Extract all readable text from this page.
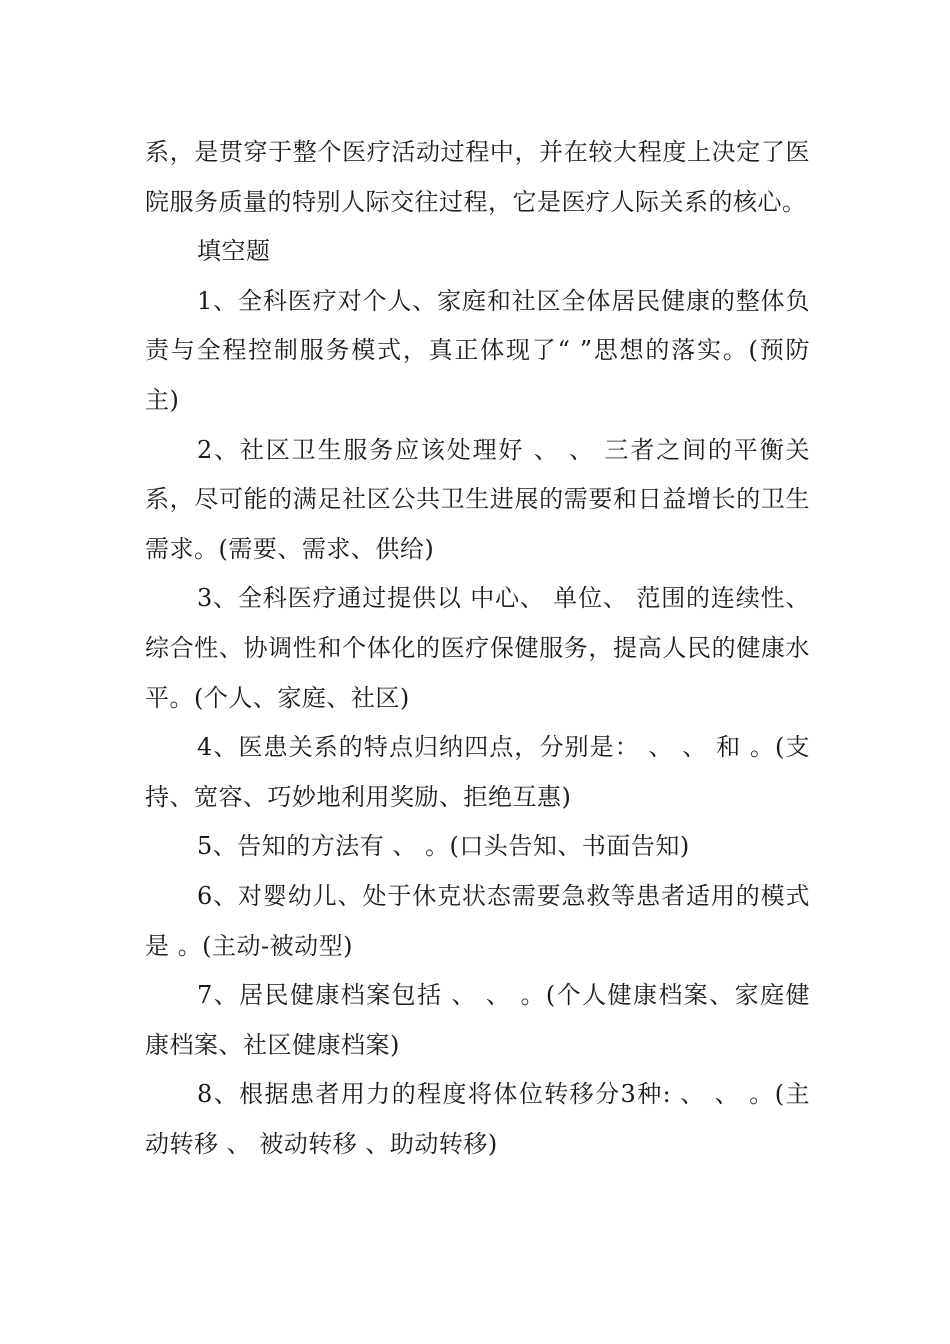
系，是贯穿于整个医疗活动过程中，并在较大程度上决定了医院服务质量的特别人际交往过程，它是医疗人际关系的核心。

填空题

1、全科医疗对个人、家庭和社区全体居民健康的整体负责与全程控制服务模式，真正体现了“ ”思想的落实。(预防主)

2、社区卫生服务应该处理好 、 、 三者之间的平衡关系，尽可能的满足社区公共卫生进展的需要和日益增长的卫生需求。(需要、需求、供给)

3、全科医疗通过提供以 中心、 单位、 范围的连续性、综合性、协调性和个体化的医疗保健服务，提高人民的健康水平。(个人、家庭、社区)

4、医患关系的特点归纳四点，分别是： 、 、 和 。(支持、宽容、巧妙地利用奖励、拒绝互惠)

5、告知的方法有 、 。(口头告知、书面告知)

6、对婴幼儿、处于休克状态需要急救等患者适用的模式是 。(主动-被动型)

7、居民健康档案包括 、 、 。(个人健康档案、家庭健康档案、社区健康档案)

8、根据患者用力的程度将体位转移分3种: 、 、 。(主动转移 、 被动转移 、助动转移)
